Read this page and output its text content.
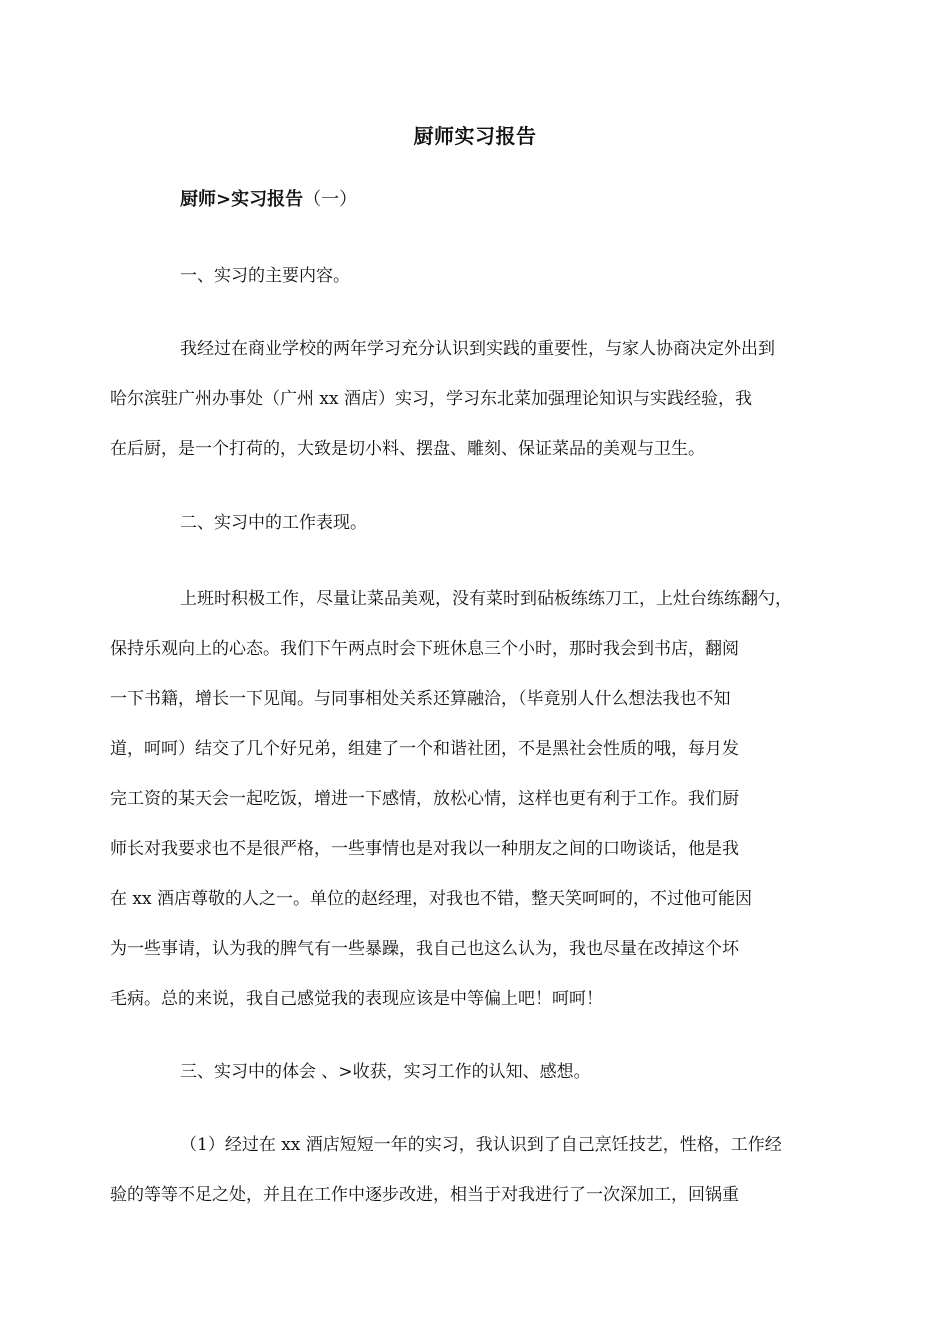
厨师实习报告
厨师>实习报告（一）
一、实习的主要内容。

我经过在商业学校的两年学习充分认识到实践的重要性，与家人协商决定外出到
哈尔滨驻广州办事处（广州 xx 酒店）实习，学习东北菜加强理论知识与实践经验，我
在后厨，是一个打荷的，大致是切小料、摆盘、雕刻、保证菜品的美观与卫生。

二、实习中的工作表现。

上班时积极工作，尽量让菜品美观，没有菜时到砧板练练刀工，上灶台练练翻勺，
保持乐观向上的心态。我们下午两点时会下班休息三个小时，那时我会到书店，翻阅
一下书籍，增长一下见闻。与同事相处关系还算融洽，（毕竟别人什么想法我也不知
道，呵呵）结交了几个好兄弟，组建了一个和谐社团，不是黑社会性质的哦，每月发
完工资的某天会一起吃饭，增进一下感情，放松心情，这样也更有利于工作。我们厨
师长对我要求也不是很严格，一些事情也是对我以一种朋友之间的口吻谈话，他是我
在 xx 酒店尊敬的人之一。单位的赵经理，对我也不错，整天笑呵呵的，不过他可能因
为一些事请，认为我的脾气有一些暴躁，我自己也这么认为，我也尽量在改掉这个坏
毛病。总的来说，我自己感觉我的表现应该是中等偏上吧！呵呵！

三、实习中的体会 、>收获，实习工作的认知、感想。

（1）经过在 xx 酒店短短一年的实习，我认识到了自己烹饪技艺，性格，工作经
验的等等不足之处，并且在工作中逐步改进，相当于对我进行了一次深加工，回锅重
